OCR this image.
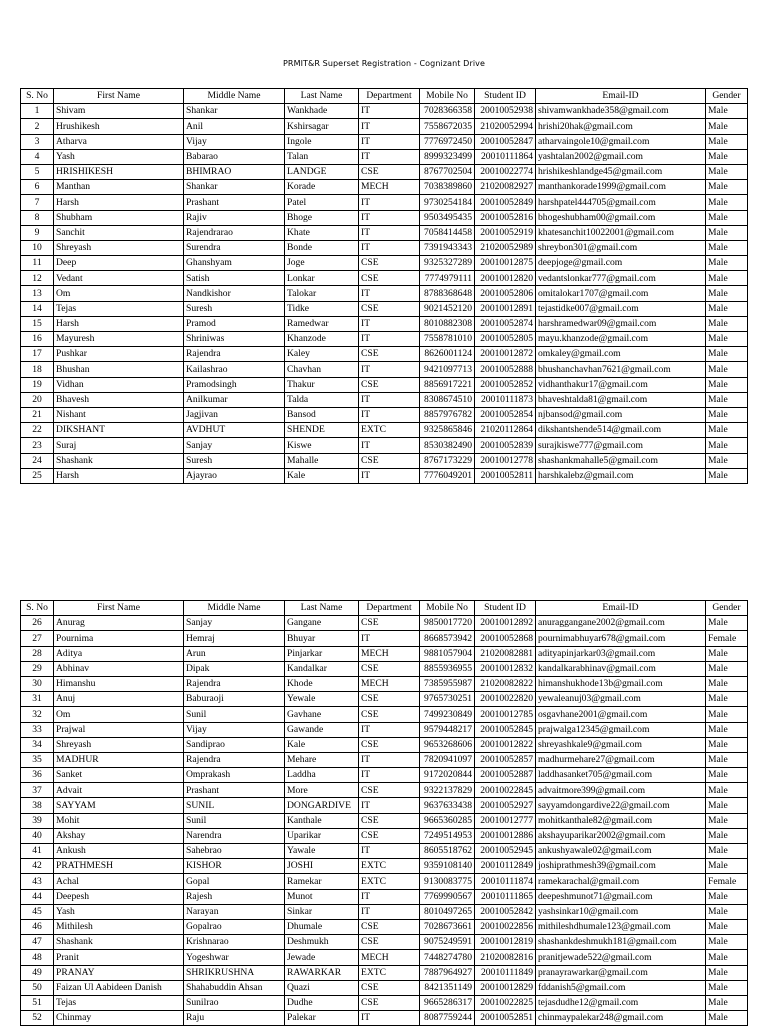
PRMIT&R Superset Registration - Cognizant Drive
S. No	First Name	Middle Name	Last Name	Department	Mobile No	Student ID	Email-ID	Gender
1	Shivam	Shankar	Wankhade	IT	7028366358	20010052938	shivamwankhade358@gmail.com	Male
2	Hrushikesh	Anil	Kshirsagar	IT	7558672035	21020052994	hrishi20hak@gmail.com	Male
3	Atharva	Vijay	Ingole	IT	7776972450	20010052847	atharvaingole10@gmail.com	Male
4	Yash	Babarao	Talan	IT	8999323499	20010111864	yashtalan2002@gmail.com	Male
5	HRISHIKESH	BHIMRAO	LANDGE	CSE	8767702504	20010022774	hrishikeshlandge45@gmail.com	Male
6	Manthan	Shankar	Korade	MECH	7038389860	21020082927	manthankorade1999@gmail.com	Male
7	Harsh	Prashant	Patel	IT	9730254184	20010052849	harshpatel444705@gmail.com	Male
8	Shubham	Rajiv	Bhoge	IT	9503495435	20010052816	bhogeshubham00@gmail.com	Male
9	Sanchit	Rajendrarao	Khate	IT	7058414458	20010052919	khatesanchit10022001@gmail.com	Male
10	Shreyash	Surendra	Bonde	IT	7391943343	21020052989	shreybon301@gmail.com	Male
11	Deep	Ghanshyam	Joge	CSE	9325327289	20010012875	deepjoge@gmail.com	Male
12	Vedant	Satish	Lonkar	CSE	7774979111	20010012820	vedantslonkar777@gmail.com	Male
13	Om	Nandkishor	Talokar	IT	8788368648	20010052806	omitalokar1707@gmail.com	Male
14	Tejas	Suresh	Tidke	CSE	9021452120	20010012891	tejastidke007@gmail.com	Male
15	Harsh	Pramod	Ramedwar	IT	8010882308	20010052874	harshramedwar09@gmail.com	Male
16	Mayuresh	Shriniwas	Khanzode	IT	7558781010	20010052805	mayu.khanzode@gmail.com	Male
17	Pushkar	Rajendra	Kaley	CSE	8626001124	20010012872	omkaley@gmail.com	Male
18	Bhushan	Kailashrao	Chavhan	IT	9421097713	20010052888	bhushanchavhan7621@gmail.com	Male
19	Vidhan	Pramodsingh	Thakur	CSE	8856917221	20010052852	vidhanthakur17@gmail.com	Male
20	Bhavesh	Anilkumar	Talda	IT	8308674510	20010111873	bhaveshtalda81@gmail.com	Male
21	Nishant	Jagjivan	Bansod	IT	8857976782	20010052854	njbansod@gmail.com	Male
22	DIKSHANT	AVDHUT	SHENDE	EXTC	9325865846	21020112864	dikshantshende514@gmail.com	Male
23	Suraj	Sanjay	Kiswe	IT	8530382490	20010052839	surajkiswe777@gmail.com	Male
24	Shashank	Suresh	Mahalle	CSE	8767173229	20010012778	shashankmahalle5@gmail.com	Male
25	Harsh	Ajayrao	Kale	IT	7776049201	20010052811	harshkalebz@gmail.com	Male
S. No	First Name	Middle Name	Last Name	Department	Mobile No	Student ID	Email-ID	Gender
26	Anurag	Sanjay	Gangane	CSE	9850017720	20010012892	anuraggangane2002@gmail.com	Male
27	Pournima	Hemraj	Bhuyar	IT	8668573942	20010052868	pournimabhuyar678@gmail.com	Female
28	Aditya	Arun	Pinjarkar	MECH	9881057904	21020082881	adityapinjarkar03@gmail.com	Male
29	Abhinav	Dipak	Kandalkar	CSE	8855936955	20010012832	kandalkarabhinav@gmail.com	Male
30	Himanshu	Rajendra	Khode	MECH	7385955987	21020082822	himanshukhode13b@gmail.com	Male
31	Anuj	Baburaoji	Yewale	CSE	9765730251	20010022820	yewaleanuj03@gmail.com	Male
32	Om	Sunil	Gavhane	CSE	7499230849	20010012785	osgavhane2001@gmail.com	Male
33	Prajwal	Vijay	Gawande	IT	9579448217	20010052845	prajwalga12345@gmail.com	Male
34	Shreyash	Sandiprao	Kale	CSE	9653268606	20010012822	shreyashkale9@gmail.com	Male
35	MADHUR	Rajendra	Mehare	IT	7820941097	20010052857	madhurmehare27@gmail.com	Male
36	Sanket	Omprakash	Laddha	IT	9172020844	20010052887	laddhasanket705@gmail.com	Male
37	Advait	Prashant	More	CSE	9322137829	20010022845	advaitmore399@gmail.com	Male
38	SAYYAM	SUNIL	DONGARDIVE	IT	9637633438	20010052927	sayyamdongardive22@gmail.com	Male
39	Mohit	Sunil	Kanthale	CSE	9665360285	20010012777	mohitkanthale82@gmail.com	Male
40	Akshay	Narendra	Uparikar	CSE	7249514953	20010012886	akshayuparikar2002@gmail.com	Male
41	Ankush	Sahebrao	Yawale	IT	8605518762	20010052945	ankushyawale02@gmail.com	Male
42	PRATHMESH	KISHOR	JOSHI	EXTC	9359108140	20010112849	joshiprathmesh39@gmail.com	Male
43	Achal	Gopal	Ramekar	EXTC	9130083775	20010111874	ramekarachal@gmail.com	Female
44	Deepesh	Rajesh	Munot	IT	7769990567	20010111865	deepeshmunot71@gmail.com	Male
45	Yash	Narayan	Sinkar	IT	8010497265	20010052842	yashsinkar10@gmail.com	Male
46	Mithilesh	Gopalrao	Dhumale	CSE	7028673661	20010022856	mithileshdhumale123@gmail.com	Male
47	Shashank	Krishnarao	Deshmukh	CSE	9075249591	20010012819	shashankdeshmukh181@gmail.com	Male
48	Pranit	Yogeshwar	Jewade	MECH	7448274780	21020082816	pranitjewade522@gmail.com	Male
49	PRANAY	SHRIKRUSHNA	RAWARKAR	EXTC	7887964927	20010111849	pranayrawarkar@gmail.com	Male
50	Faizan Ul Aabideen Danish	Shahabuddin Ahsan	Quazi	CSE	8421351149	20010012829	fddanish5@gmail.com	Male
51	Tejas	Sunilrao	Dudhe	CSE	9665286317	20010022825	tejasdudhe12@gmail.com	Male
52	Chinmay	Raju	Palekar	IT	8087759244	20010052851	chinmaypalekar248@gmail.com	Male
